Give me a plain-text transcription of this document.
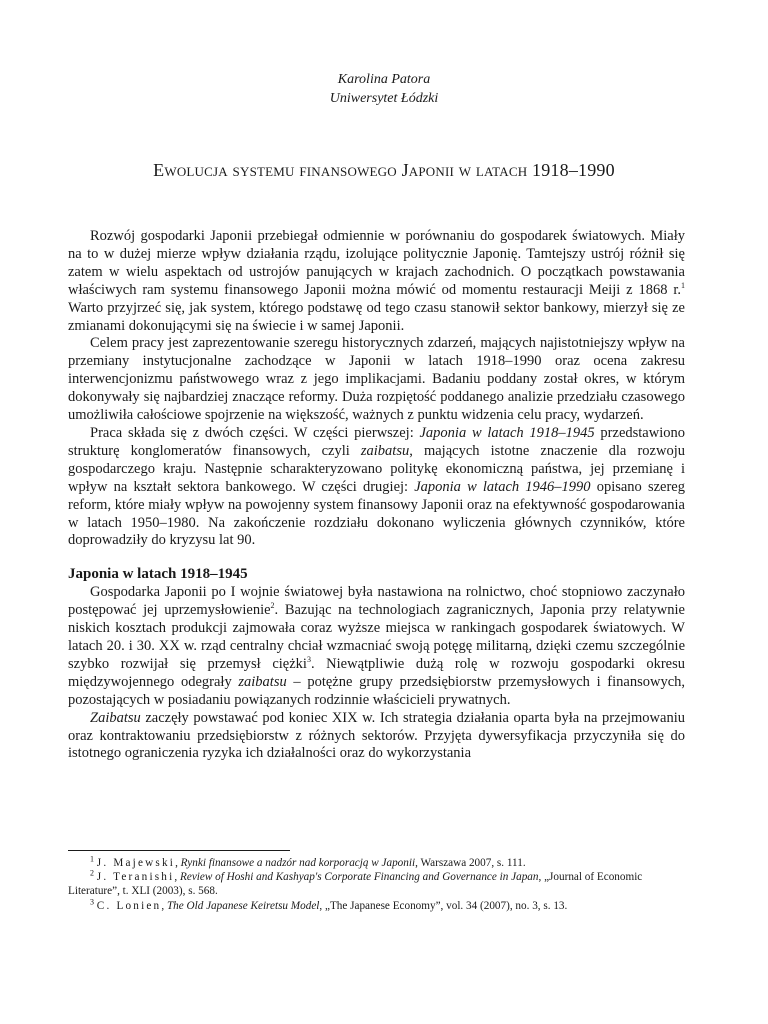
Karolina Patora
Uniwersytet Łódzki
Ewolucja systemu finansowego Japonii w latach 1918–1990

Rozwój gospodarki Japonii przebiegał odmiennie w porównaniu do gospodarek światowych. Miały na to w dużej mierze wpływ działania rządu, izolujące politycznie Japonię. Tamtejszy ustrój różnił się zatem w wielu aspektach od ustrojów panujących w krajach zachodnich. O początkach powstawania właściwych ram systemu finansowego Japonii można mówić od momentu restauracji Meiji z 1868 r.$^1$ Warto przyjrzeć się, jak system, którego podstawę od tego czasu stanowił sektor bankowy, mierzył się ze zmianami dokonującymi się na świecie i w samej Japonii.

Celem pracy jest zaprezentowanie szeregu historycznych zdarzeń, mających najistotniejszy wpływ na przemiany instytucjonalne zachodzące w Japonii w latach 1918–1990 oraz ocena zakresu interwencjonizmu państwowego wraz z jego implikacjami. Badaniu poddany został okres, w którym dokonywały się najbardziej znaczące reformy. Duża rozpiętość poddanego analizie przedziału czasowego umożliwiła całościowe spojrzenie na większość, ważnych z punktu widzenia celu pracy, wydarzeń.

Praca składa się z dwóch części. W części pierwszej: Japonia w latach 1918–1945 przedstawiono strukturę konglomeratów finansowych, czyli zaibatsu, mających istotne znaczenie dla rozwoju gospodarczego kraju. Następnie scharakteryzowano politykę ekonomiczną państwa, jej przemianę i wpływ na kształt sektora bankowego. W części drugiej: Japonia w latach 1946–1990 opisano szereg reform, które miały wpływ na powojenny system finansowy Japonii oraz na efektywność gospodarowania w latach 1950–1980. Na zakończenie rozdziału dokonano wyliczenia głównych czynników, które doprowadziły do kryzysu lat 90.

Japonia w latach 1918–1945

Gospodarka Japonii po I wojnie światowej była nastawiona na rolnictwo, choć stopniowo zaczynało postępować jej uprzemysłowienie$^2$. Bazując na technologiach zagranicznych, Japonia przy relatywnie niskich kosztach produkcji zajmowała coraz wyższe miejsca w rankingach gospodarek światowych. W latach 20. i 30. XX w. rząd centralny chciał wzmacniać swoją potęgę militarną, dzięki czemu szczególnie szybko rozwijał się przemysł ciężki$^3$. Niewątpliwie dużą rolę w rozwoju gospodarki okresu międzywojennego odegrały zaibatsu – potężne grupy przedsiębiorstw przemysłowych i finansowych, pozostających w posiadaniu powiązanych rodzinnie właścicieli prywatnych.

Zaibatsu zaczęły powstawać pod koniec XIX w. Ich strategia działania oparta była na przejmowaniu oraz kontraktowaniu przedsiębiorstw z różnych sektorów. Przyjęta dywersyfikacja przyczyniła się do istotnego ograniczenia ryzyka ich działalności oraz do wykorzystania

$^1$ J. Majewski, Rynki finansowe a nadzór nad korporacją w Japonii, Warszawa 2007, s. 111.

$^2$ J. Teranishi, Review of Hoshi and Kashyap's Corporate Financing and Governance in Japan, „Journal of Economic Literature”, t. XLI (2003), s. 568.

$^3$ C. Lonien, The Old Japanese Keiretsu Model, „The Japanese Economy”, vol. 34 (2007), no. 3, s. 13.
